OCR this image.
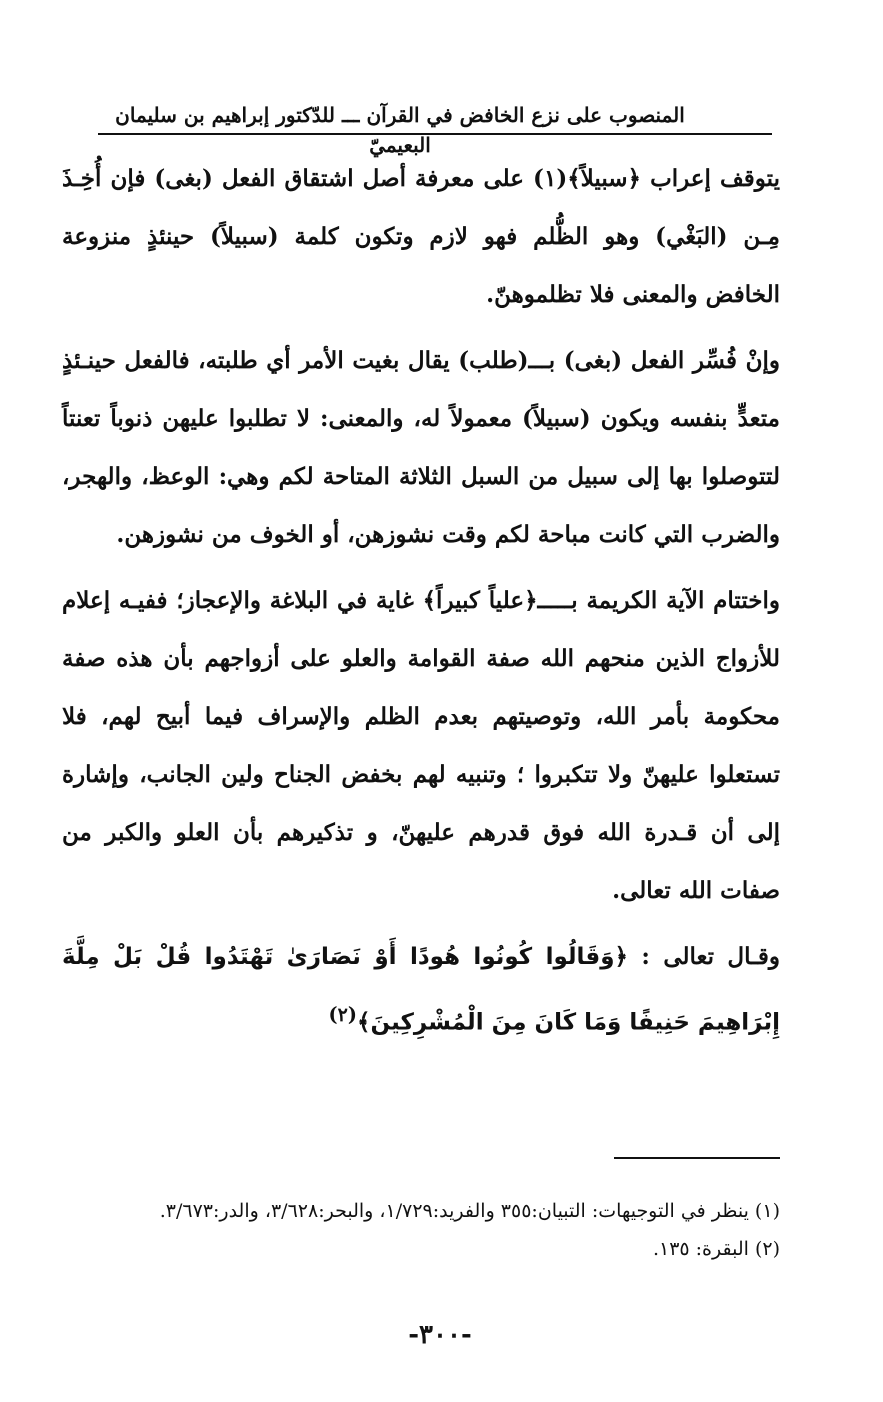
المنصوب على نزع الخافض في القرآن ـــ للدّكتور إبراهيم بن سليمان البعيميّ

يتوقف إعراب ﴿سبيلاً﴾(١) على معرفة أصل اشتقاق الفعل (بغى) فإن أُخِـذَ مِـن (البَغْي) وهو الظُّلم فهو لازم وتكون كلمة (سبيلاً) حينئذٍ منزوعة الخافض والمعنى فلا تظلموهنّ.

وإنْ فُسِّر الفعل (بغى) بـــ(طلب) يقال بغيت الأمر أي طلبته، فالفعل حينـئذٍ متعدٍّ بنفسه ويكون (سبيلاً) معمولاً له، والمعنى: لا تطلبوا عليهن ذنوباً تعنتاً لتتوصلوا بها إلى سبيل من السبل الثلاثة المتاحة لكم وهي: الوعظ، والهجر، والضرب التي كانت مباحة لكم وقت نشوزهن، أو الخوف من نشوزهن.

واختتام الآية الكريمة بـــــ﴿علياً كبيراً﴾ غاية في البلاغة والإعجاز؛ ففيـه إعلام للأزواج الذين منحهم الله صفة القوامة والعلو على أزواجهم بأن هذه صفة محكومة بأمر الله، وتوصيتهم بعدم الظلم والإسراف فيما أبيح لهم، فلا تستعلوا عليهنّ ولا تتكبروا ؛ وتنبيه لهم بخفض الجناح ولين الجانب، وإشارة إلى أن قـدرة الله فوق قدرهم عليهنّ، و تذكيرهم بأن العلو والكبر من صفات الله تعالى.

وقـال تعالى : ﴿وَقَالُوا كُونُوا هُودًا أَوْ نَصَارَىٰ تَهْتَدُوا قُلْ بَلْ مِلَّةَ إِبْرَاهِيمَ حَنِيفًا وَمَا كَانَ مِنَ الْمُشْرِكِينَ﴾$^{(٢)}$

(١) ينظر في التوجيهات: التبيان:٣٥٥ والفريد:١/٧٢٩، والبحر:٣/٦٢٨، والدر:٣/٦٧٣.

(٢) البقرة: ١٣٥.

-٣٠٠-
